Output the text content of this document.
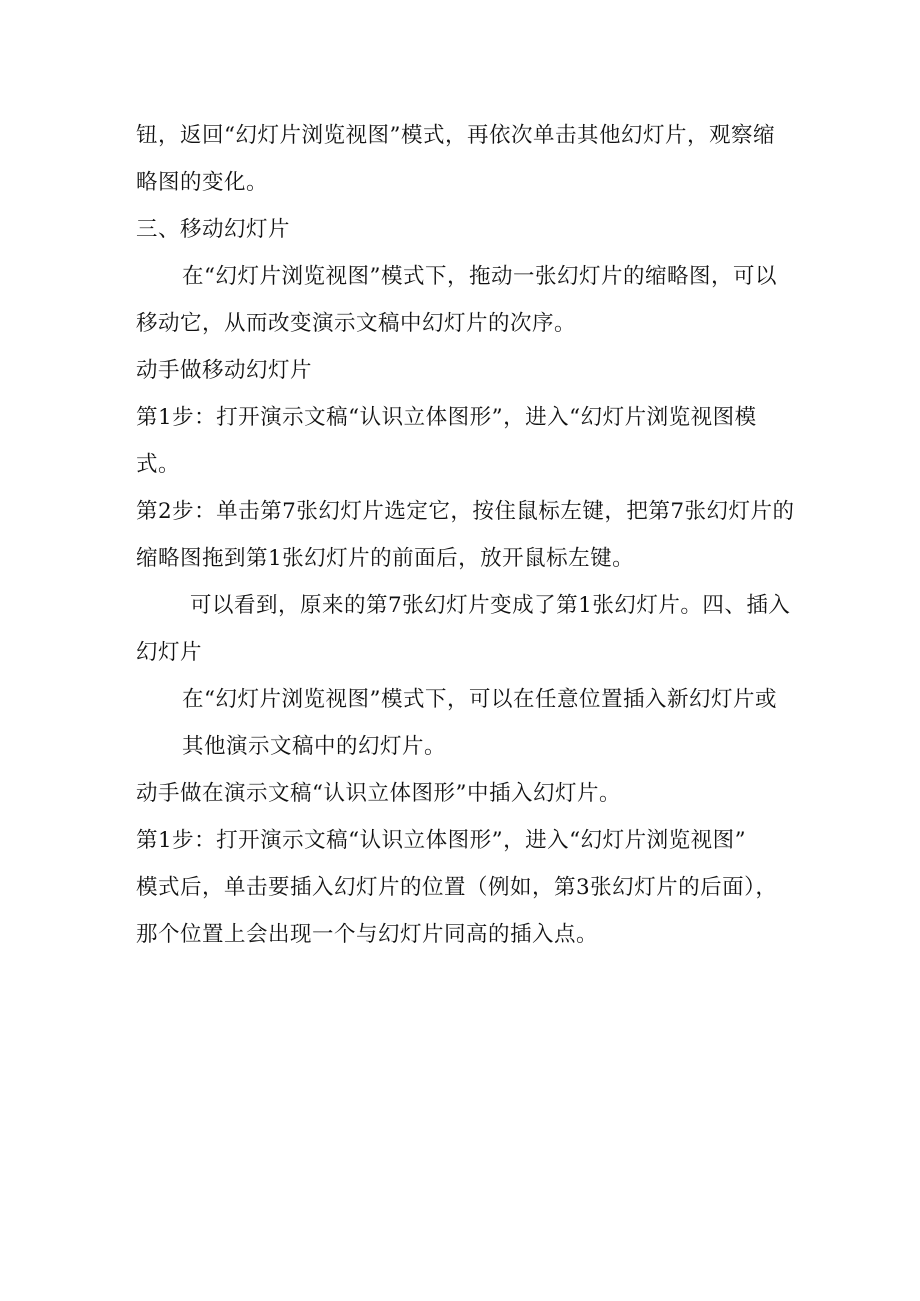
钮，返回“幻灯片浏览视图”模式，再依次单击其他幻灯片，观察缩
略图的变化。
三、移动幻灯片
在“幻灯片浏览视图”模式下，拖动一张幻灯片的缩略图，可以
移动它，从而改变演示文稿中幻灯片的次序。
动手做移动幻灯片
第1步：打开演示文稿“认识立体图形”，进入“幻灯片浏览视图模
式。
第2步：单击第7张幻灯片选定它，按住鼠标左键，把第7张幻灯片的
缩略图拖到第1张幻灯片的前面后，放开鼠标左键。
可以看到，原来的第7张幻灯片变成了第1张幻灯片。四、插入
幻灯片
在“幻灯片浏览视图”模式下，可以在任意位置插入新幻灯片或
其他演示文稿中的幻灯片。
动手做在演示文稿“认识立体图形”中插入幻灯片。
第1步：打开演示文稿“认识立体图形”，进入“幻灯片浏览视图”
模式后，单击要插入幻灯片的位置（例如，第3张幻灯片的后面），
那个位置上会出现一个与幻灯片同高的插入点。
